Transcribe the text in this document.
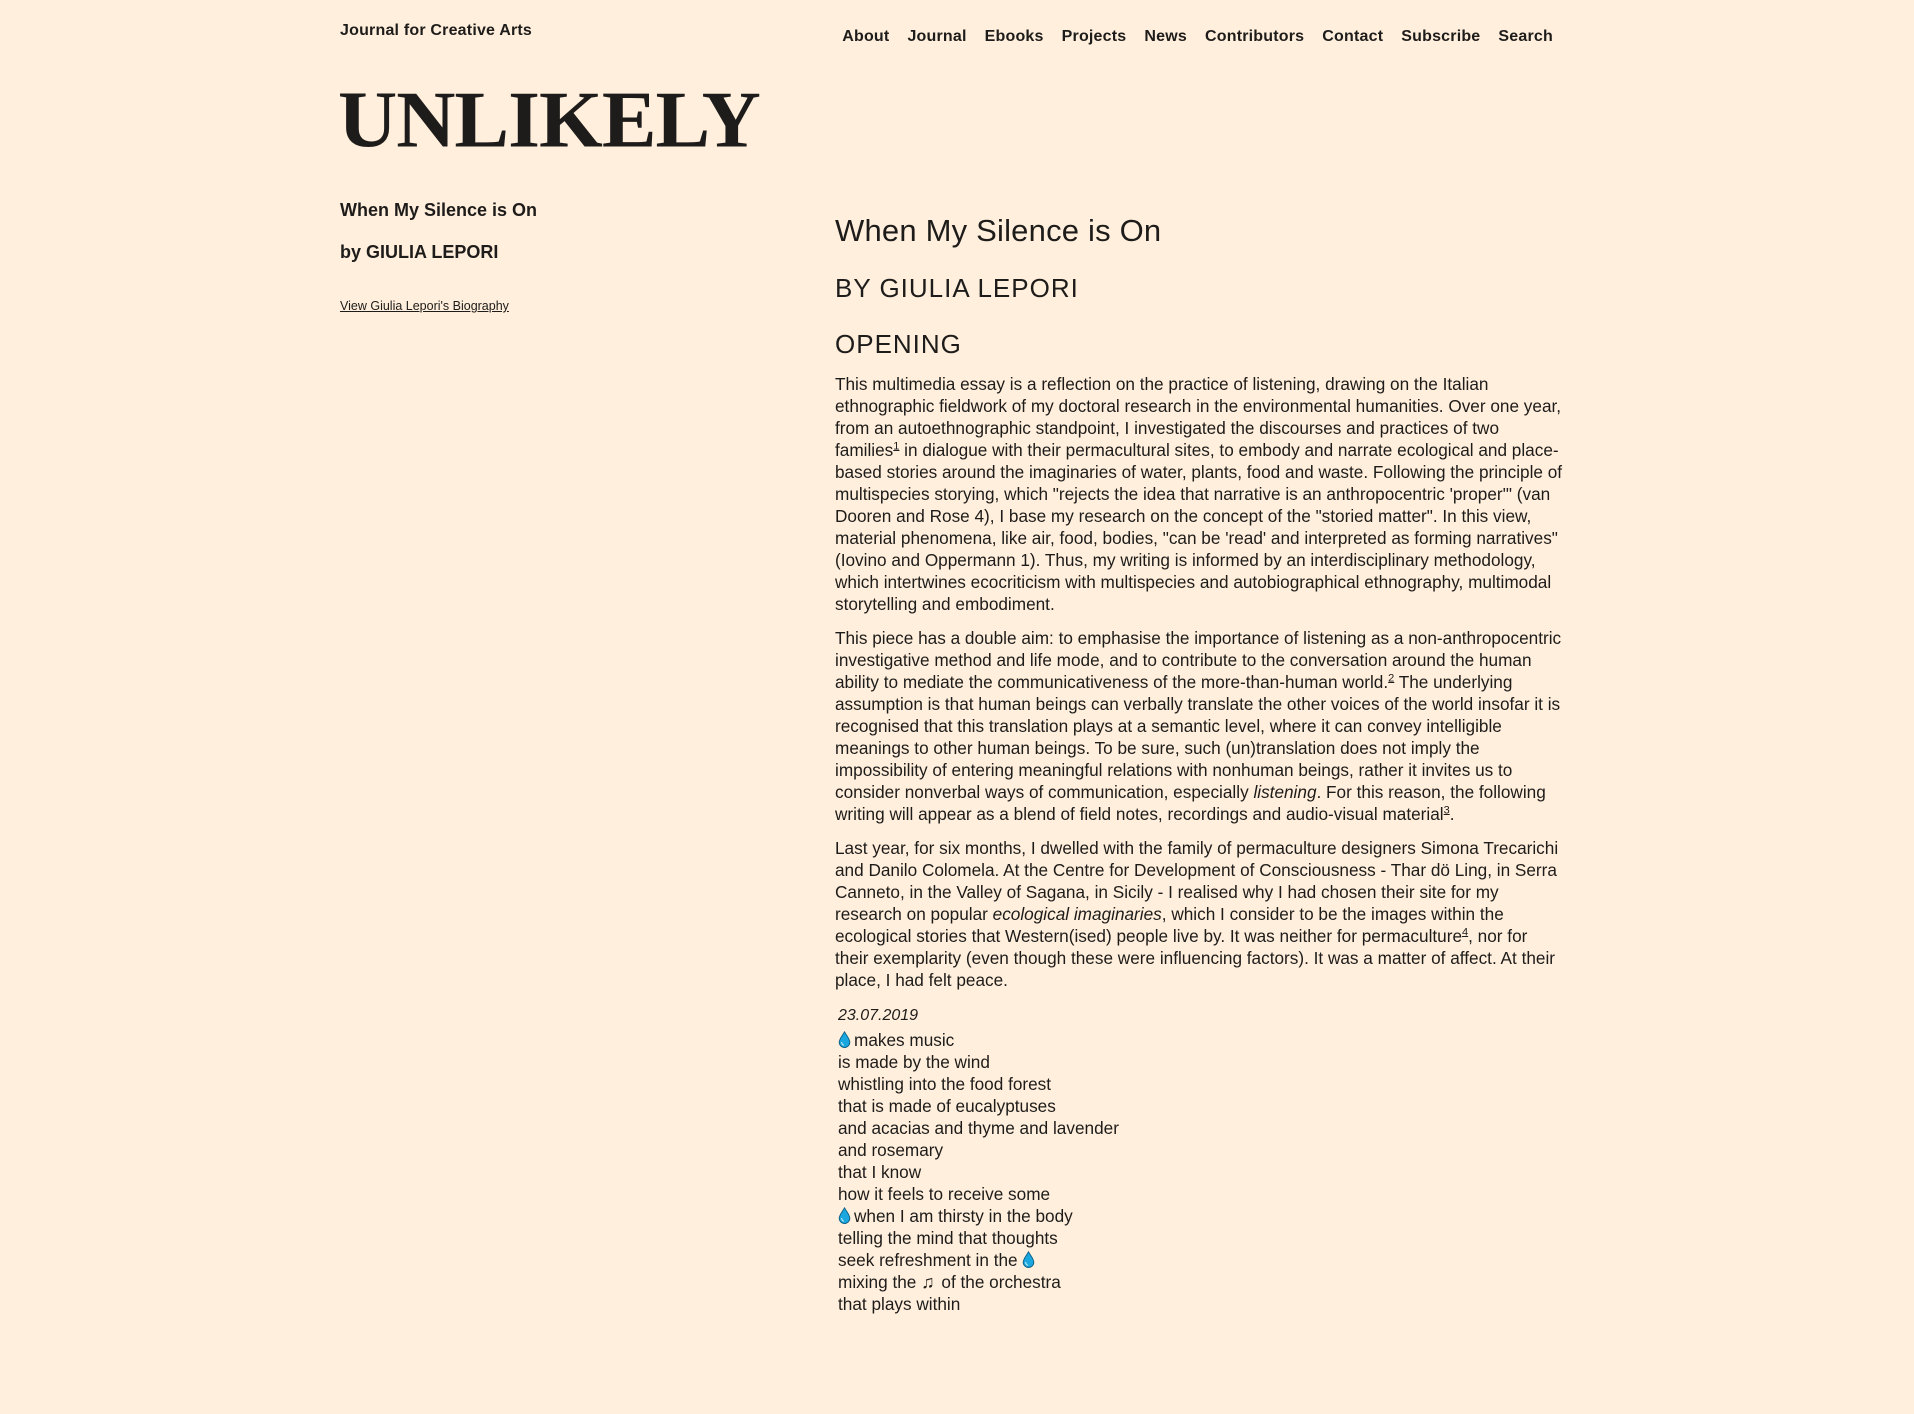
Journal for Creative Arts	About Journal Ebooks Projects News Contributors Contact Subscribe Search
UNLIKELY
When My Silence is On
by GIULIA LEPORI
View Giulia Lepori's Biography
When My Silence is On
BY GIULIA LEPORI
OPENING

This multimedia essay is a reflection on the practice of listening, drawing on the Italian ethnographic fieldwork of my doctoral research in the environmental humanities. Over one year, from an autoethnographic standpoint, I investigated the discourses and practices of two families$^1$ in dialogue with their permacultural sites, to embody and narrate ecological and place-based stories around the imaginaries of water, plants, food and waste. Following the principle of multispecies storying, which "rejects the idea that narrative is an anthropocentric 'proper'" (van Dooren and Rose 4), I base my research on the concept of the "storied matter". In this view, material phenomena, like air, food, bodies, "can be 'read' and interpreted as forming narratives" (Iovino and Oppermann 1). Thus, my writing is informed by an interdisciplinary methodology, which intertwines ecocriticism with multispecies and autobiographical ethnography, multimodal storytelling and embodiment.

This piece has a double aim: to emphasise the importance of listening as a non-anthropocentric investigative method and life mode, and to contribute to the conversation around the human ability to mediate the communicativeness of the more-than-human world.$^2$ The underlying assumption is that human beings can verbally translate the other voices of the world insofar it is recognised that this translation plays at a semantic level, where it can convey intelligible meanings to other human beings. To be sure, such (un)translation does not imply the impossibility of entering meaningful relations with nonhuman beings, rather it invites us to consider nonverbal ways of communication, especially listening. For this reason, the following writing will appear as a blend of field notes, recordings and audio-visual material$^3$.

Last year, for six months, I dwelled with the family of permaculture designers Simona Trecarichi and Danilo Colomela. At the Centre for Development of Consciousness - Thar dö Ling, in Serra Canneto, in the Valley of Sagana, in Sicily - I realised why I had chosen their site for my research on popular ecological imaginaries, which I consider to be the images within the ecological stories that Western(ised) people live by. It was neither for permaculture$^4$, nor for their exemplarity (even though these were influencing factors). It was a matter of affect. At their place, I had felt peace.

23.07.2019
makes music
is made by the wind
whistling into the food forest
that is made of eucalyptuses
and acacias and thyme and lavender
and rosemary
that I know
how it feels to receive some
when I am thirsty in the body
telling the mind that thoughts
seek refreshment in the
mixing the ♫ of the orchestra
that plays within
